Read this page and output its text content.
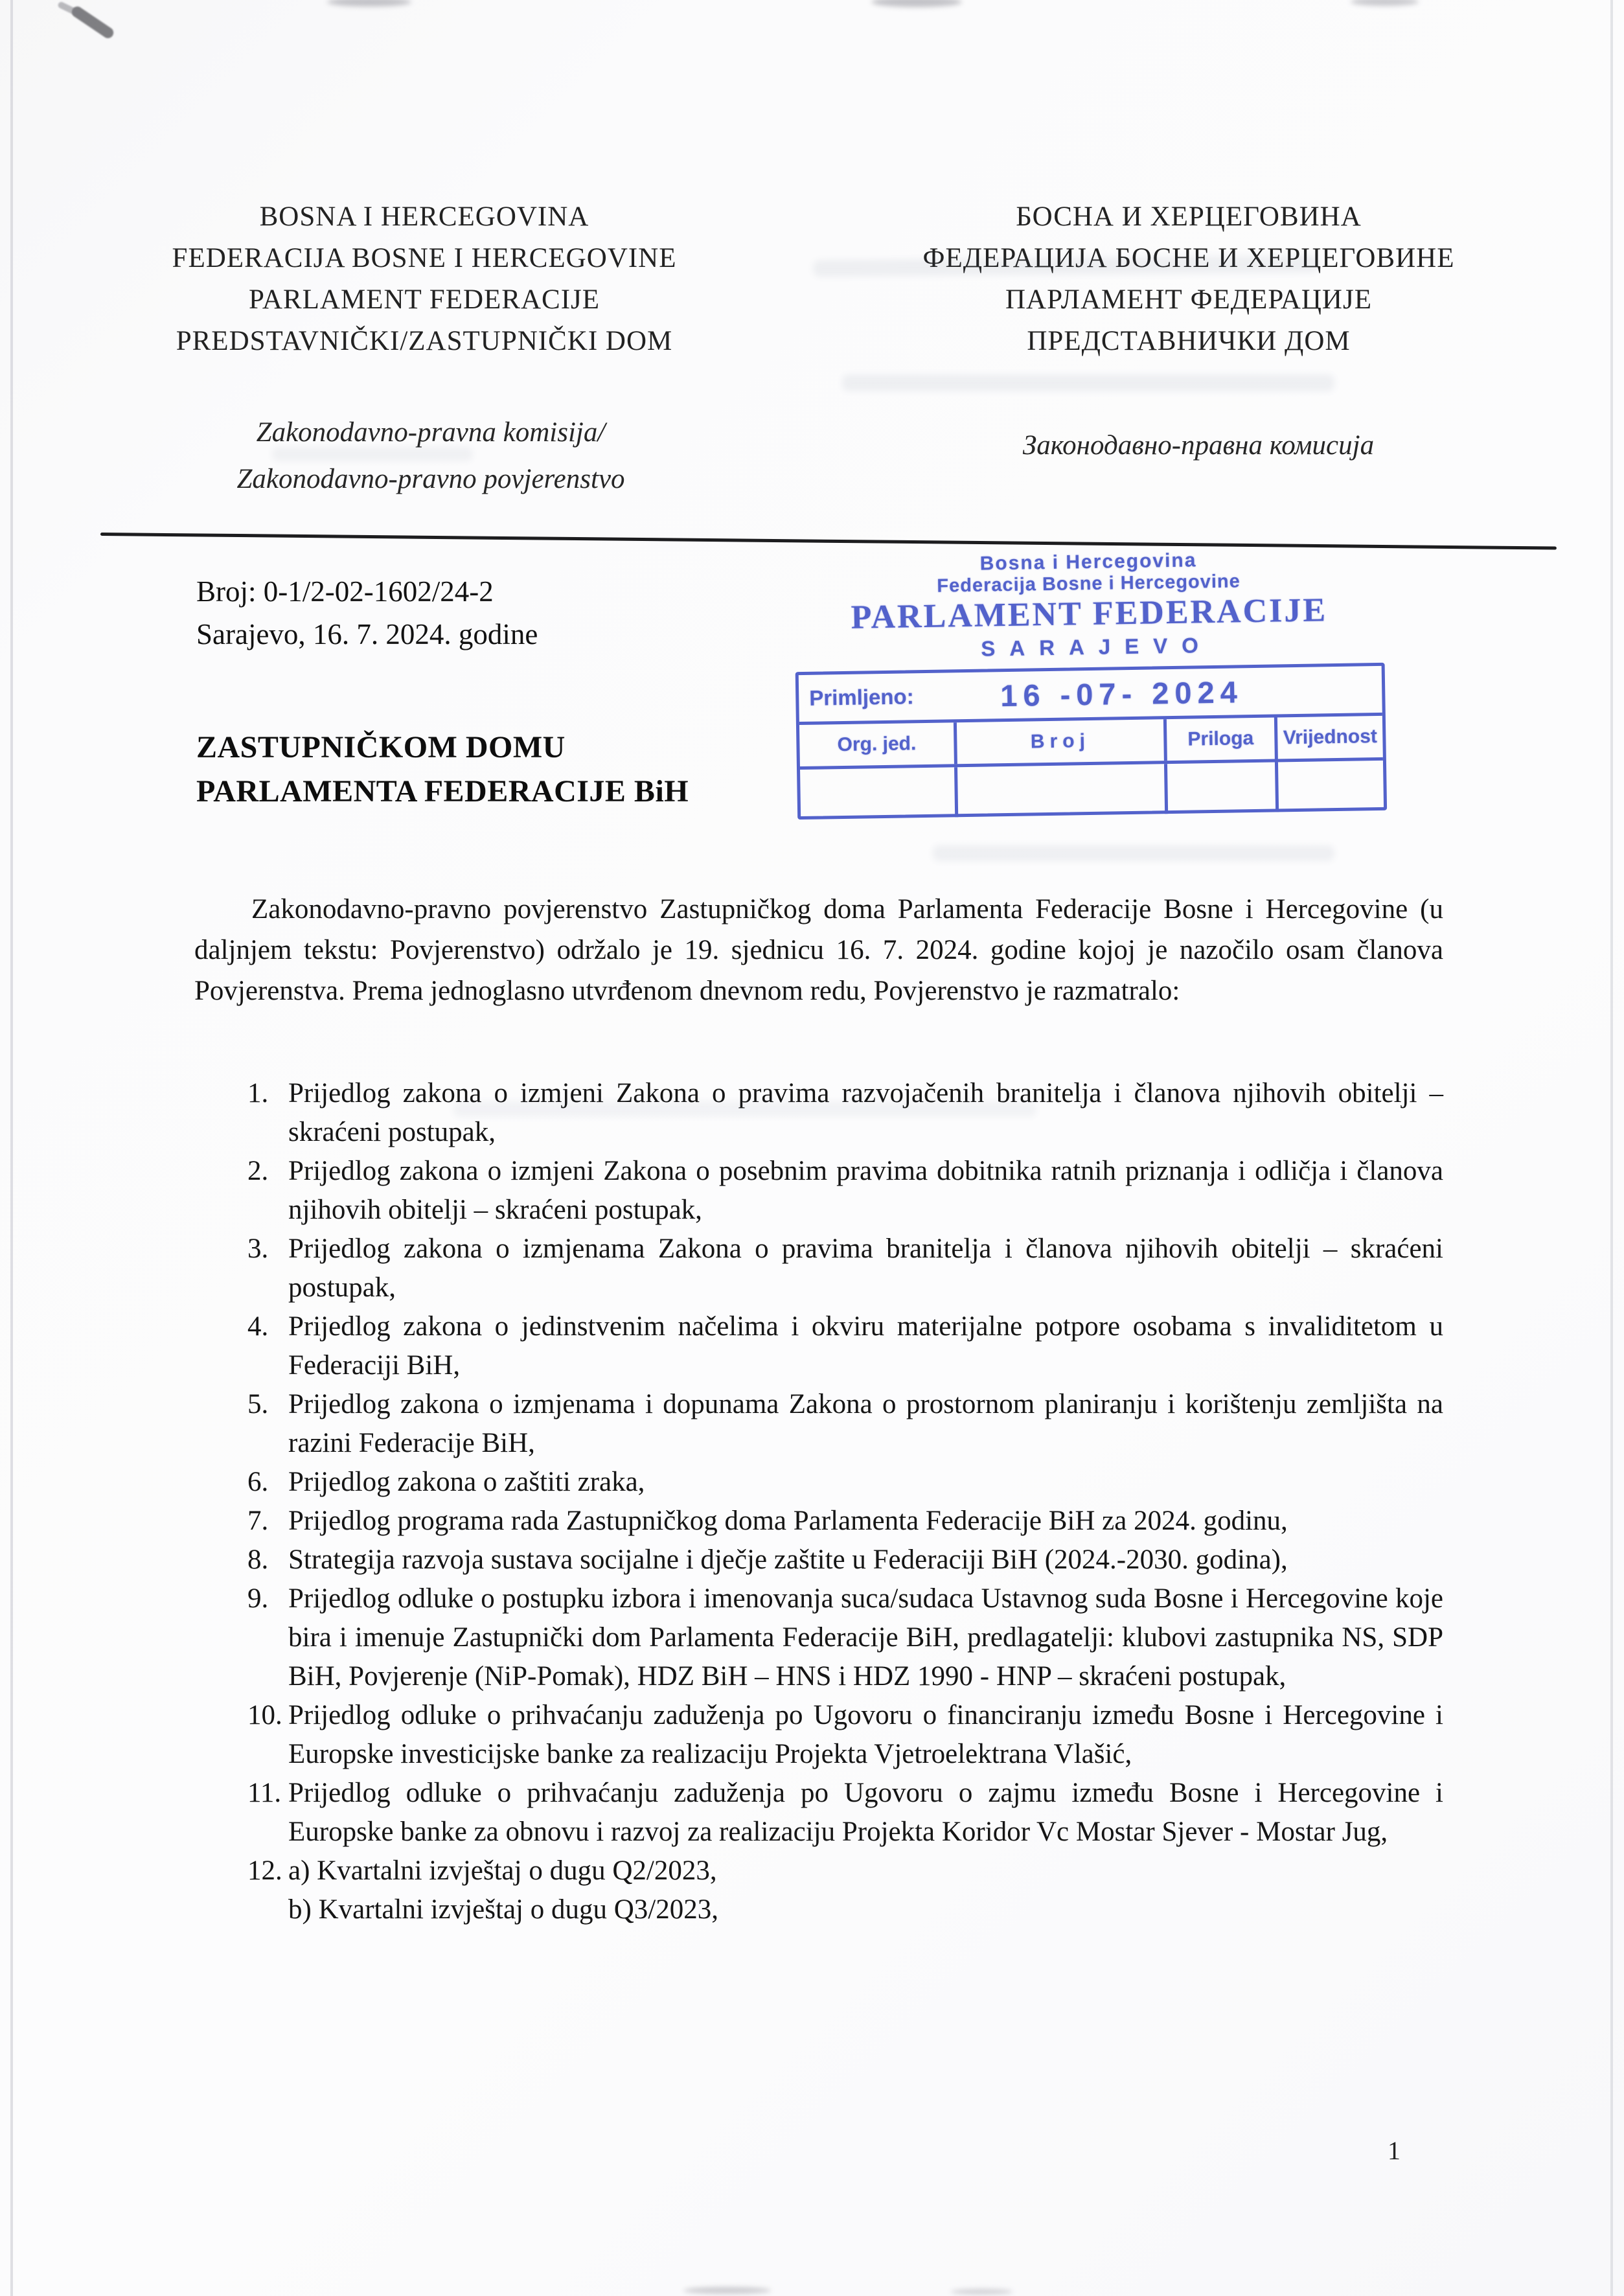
BOSNA I HERCEGOVINA
FEDERACIJA BOSNE I HERCEGOVINE
PARLAMENT FEDERACIJE
PREDSTAVNIČKI/ZASTUPNIČKI DOM
БОСНА И ХЕРЦЕГОВИНА
ФЕДЕРАЦИЈА БОСНЕ И ХЕРЦЕГОВИНЕ
ПАРЛАМЕНТ ФЕДЕРАЦИЈЕ
ПРЕДСТАВНИЧКИ ДОМ
Zakonodavno-pravna komisija/
Zakonodavno-pravno povjerenstvo
Законодавно-правна комисија
Broj: 0-1/2-02-1602/24-2
Sarajevo, 16. 7. 2024. godine
Bosna i Hercegovina
Federacija Bosne i Hercegovine
PARLAMENT FEDERACIJE
SARAJEVO
Primljeno:	16 -07- 2024
Org. jed.	Broj	Priloga	Vrijednost
ZASTUPNIČKOM DOMU
PARLAMENTA FEDERACIJE BiH
Zakonodavno-pravno povjerenstvo Zastupničkog doma Parlamenta Federacije Bosne i Hercegovine (u daljnjem tekstu: Povjerenstvo) održalo je 19. sjednicu 16. 7. 2024. godine kojoj je nazočilo osam članova Povjerenstva. Prema jednoglasno utvrđenom dnevnom redu, Povjerenstvo je razmatralo:
1. Prijedlog zakona o izmjeni Zakona o pravima razvojačenih branitelja i članova njihovih obitelji – skraćeni postupak,
2. Prijedlog zakona o izmjeni Zakona o posebnim pravima dobitnika ratnih priznanja i odličja i članova njihovih obitelji – skraćeni postupak,
3. Prijedlog zakona o izmjenama Zakona o pravima branitelja i članova njihovih obitelji – skraćeni postupak,
4. Prijedlog zakona o jedinstvenim načelima i okviru materijalne potpore osobama s invaliditetom u Federaciji BiH,
5. Prijedlog zakona o izmjenama i dopunama Zakona o prostornom planiranju i korištenju zemljišta na razini Federacije BiH,
6. Prijedlog zakona o zaštiti zraka,
7. Prijedlog programa rada Zastupničkog doma Parlamenta Federacije BiH za 2024. godinu,
8. Strategija razvoja sustava socijalne i dječje zaštite u Federaciji BiH (2024.-2030. godina),
9. Prijedlog odluke o postupku izbora i imenovanja suca/sudaca Ustavnog suda Bosne i Hercegovine koje bira i imenuje Zastupnički dom Parlamenta Federacije BiH, predlagatelji: klubovi zastupnika NS, SDP BiH, Povjerenje (NiP-Pomak), HDZ BiH – HNS i HDZ 1990 - HNP – skraćeni postupak,
10. Prijedlog odluke o prihvaćanju zaduženja po Ugovoru o financiranju između Bosne i Hercegovine i Europske investicijske banke za realizaciju Projekta Vjetroelektrana Vlašić,
11. Prijedlog odluke o prihvaćanju zaduženja po Ugovoru o zajmu između Bosne i Hercegovine i Europske banke za obnovu i razvoj za realizaciju Projekta Koridor Vc Mostar Sjever - Mostar Jug,
12. a) Kvartalni izvještaj o dugu Q2/2023,
b) Kvartalni izvještaj o dugu Q3/2023,
1
